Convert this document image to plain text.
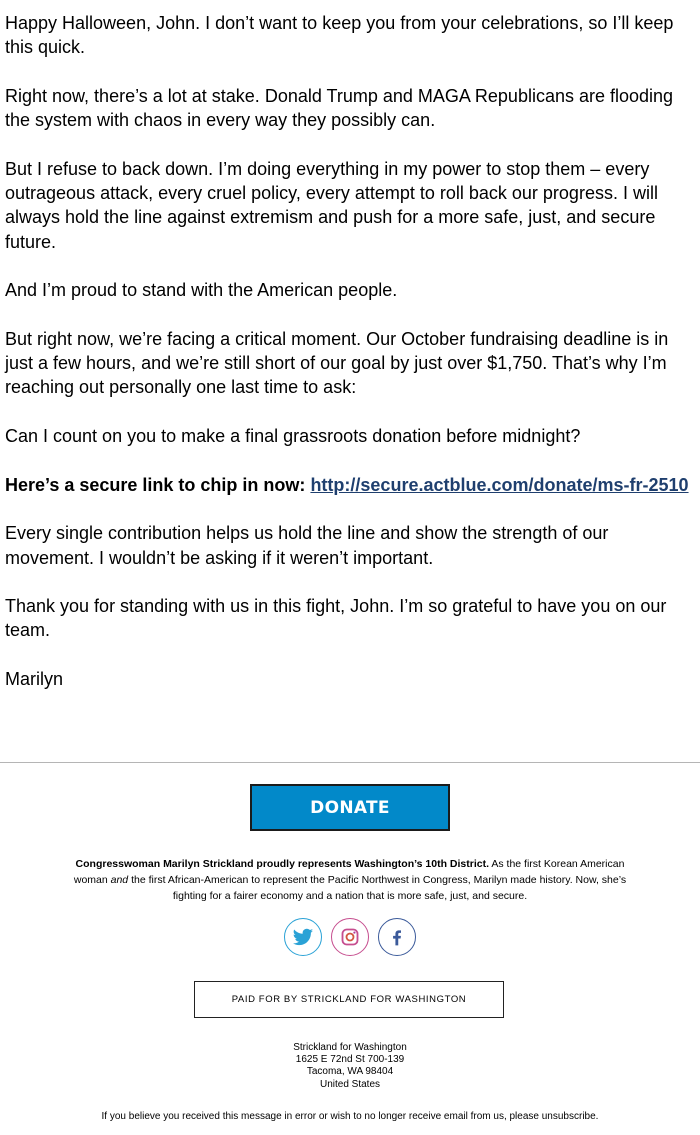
Happy Halloween, John. I don’t want to keep you from your celebrations, so I’ll keep this quick.

Right now, there’s a lot at stake. Donald Trump and MAGA Republicans are flooding the system with chaos in every way they possibly can.

But I refuse to back down. I’m doing everything in my power to stop them – every outrageous attack, every cruel policy, every attempt to roll back our progress. I will always hold the line against extremism and push for a more safe, just, and secure future.

And I’m proud to stand with the American people.

But right now, we’re facing a critical moment. Our October fundraising deadline is in just a few hours, and we’re still short of our goal by just over $1,750. That’s why I’m reaching out personally one last time to ask:

Can I count on you to make a final grassroots donation before midnight?

Here’s a secure link to chip in now: http://secure.actblue.com/donate/ms-fr-2510

Every single contribution helps us hold the line and show the strength of our movement. I wouldn’t be asking if it weren’t important.

Thank you for standing with us in this fight, John. I’m so grateful to have you on our team.

Marilyn

DONATE
Congresswoman Marilyn Strickland proudly represents Washington’s 10th District. As the first Korean American woman and the first African-American to represent the Pacific Northwest in Congress, Marilyn made history. Now, she’s fighting for a fairer economy and a nation that is more safe, just, and secure.
PAID FOR BY STRICKLAND FOR WASHINGTON
Strickland for Washington
1625 E 72nd St 700-139
Tacoma, WA 98404
United States
If you believe you received this message in error or wish to no longer receive email from us, please unsubscribe.
